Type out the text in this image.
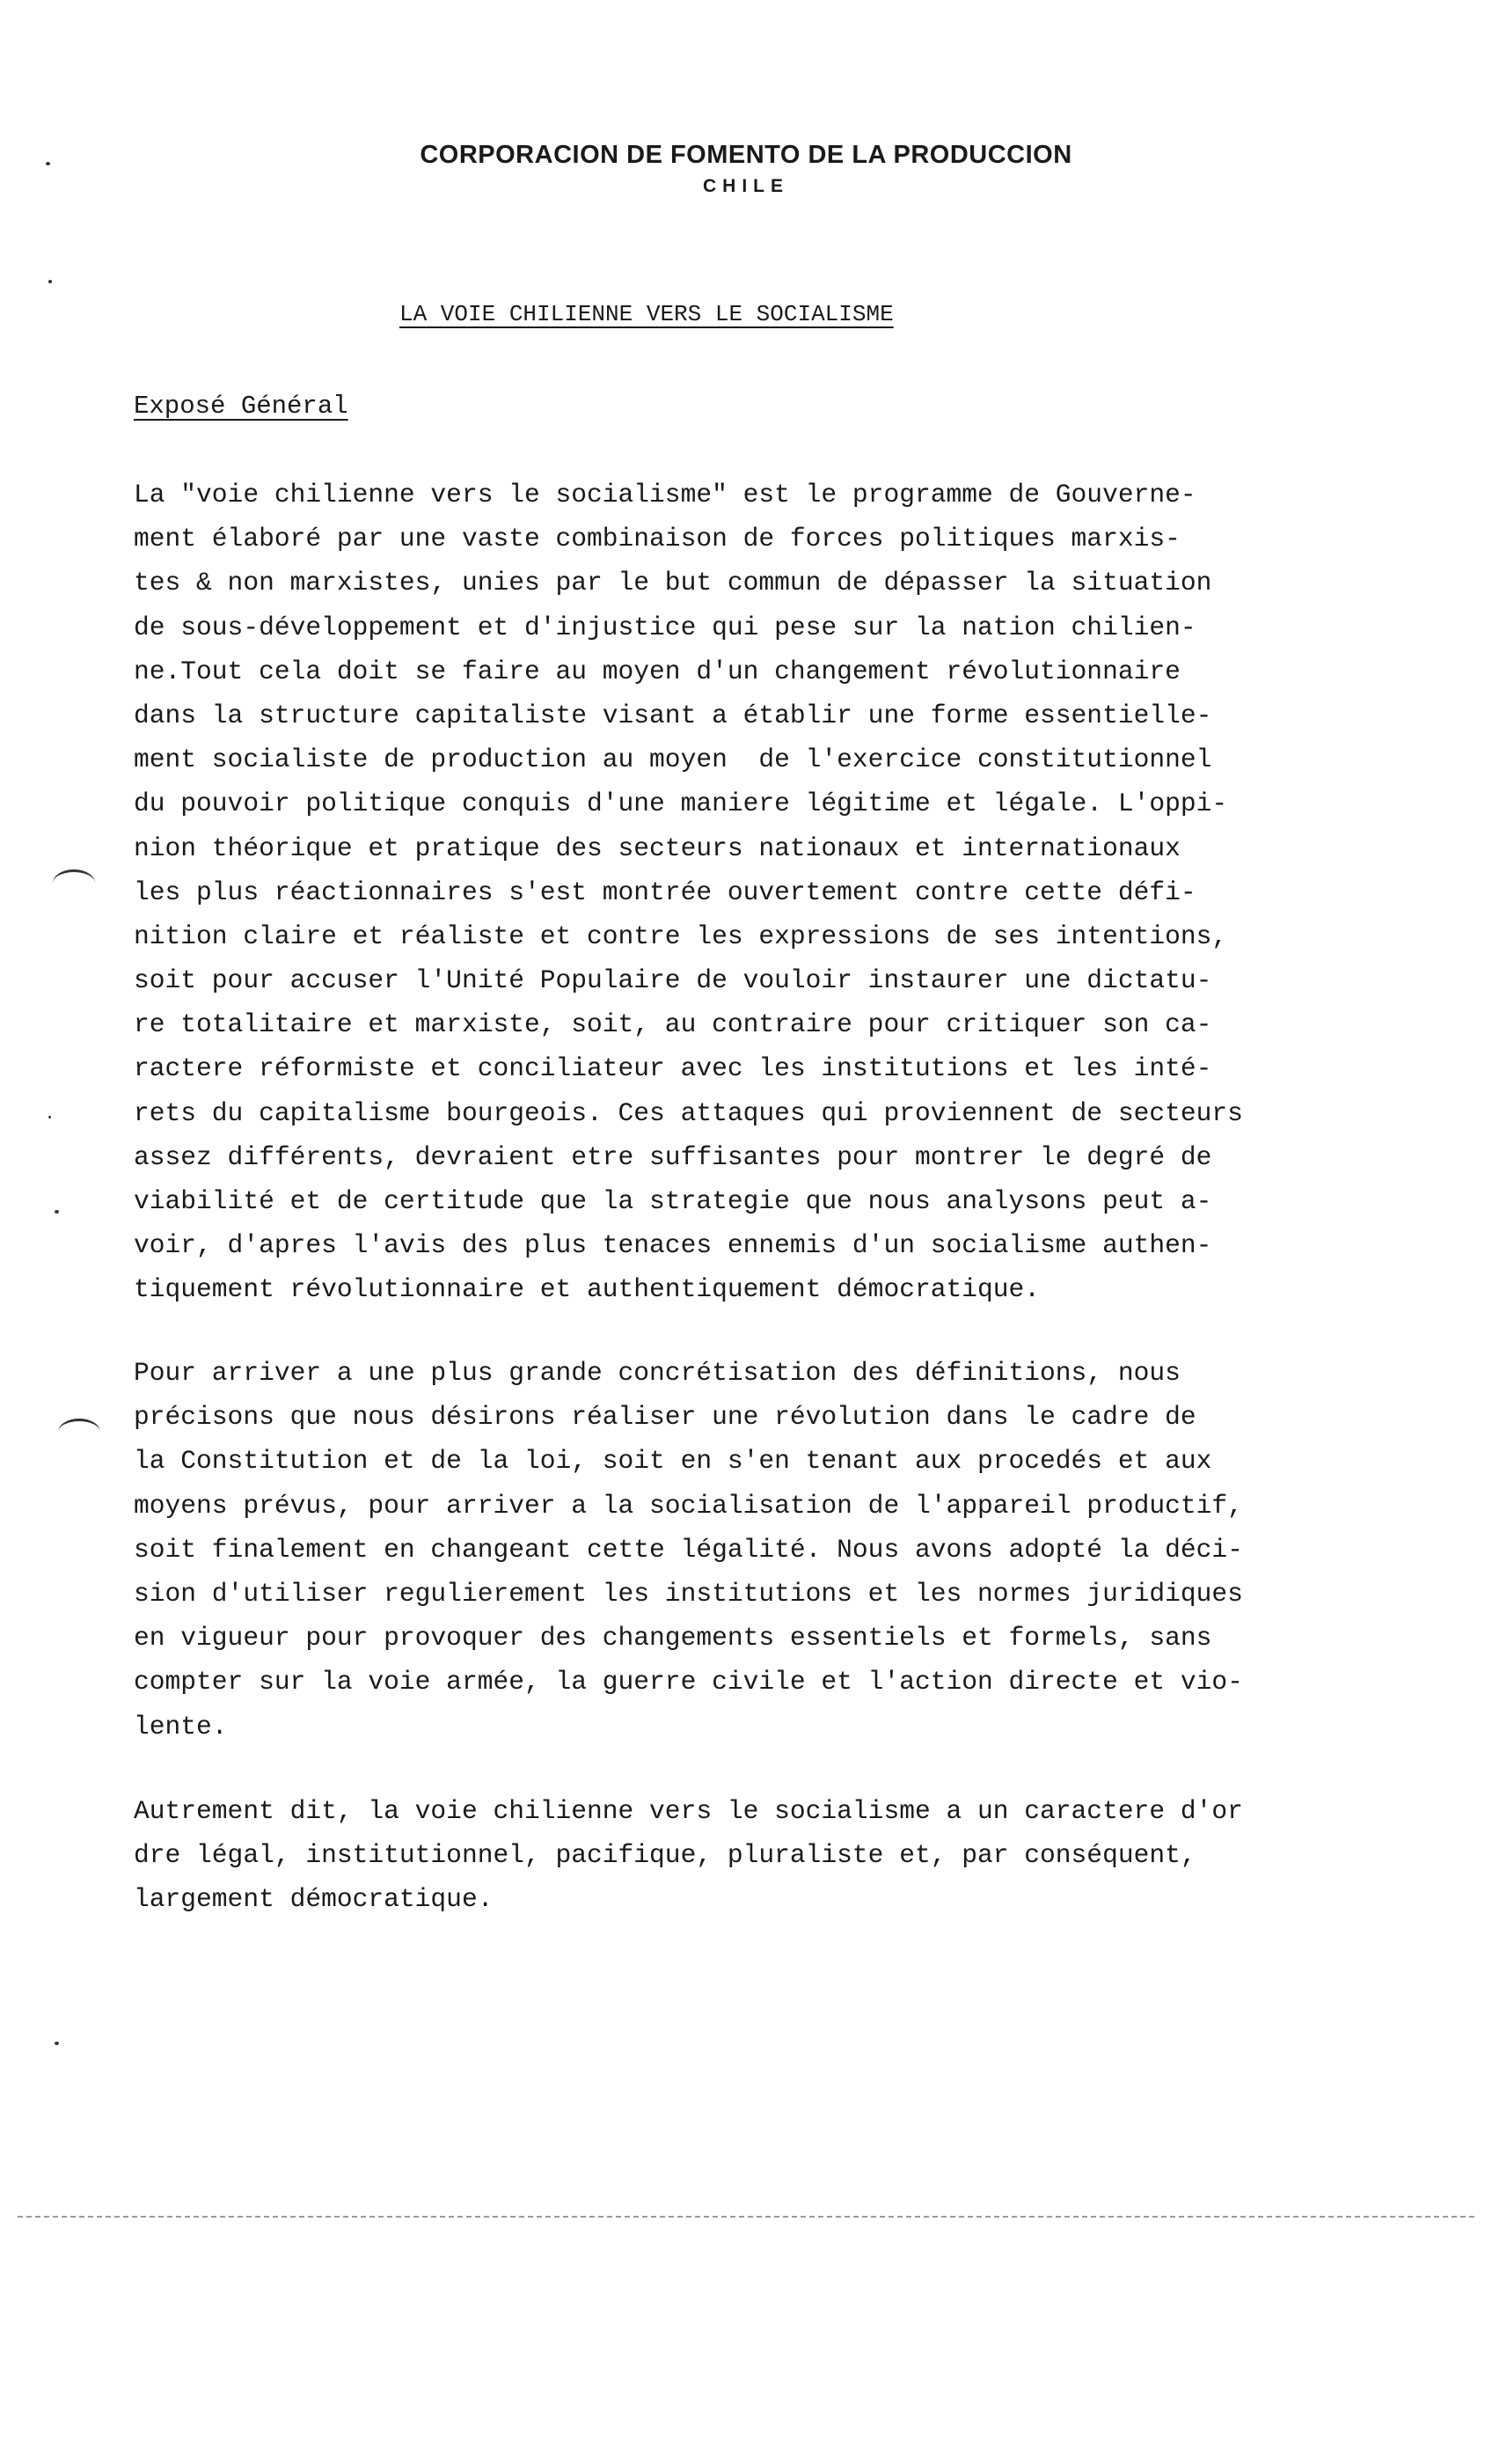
CORPORACION DE FOMENTO DE LA PRODUCCION
CHILE
LA VOIE CHILIENNE VERS LE SOCIALISME
Exposé Général
La "voie chilienne vers le socialisme" est le programme de Gouverne-
ment élaboré par une vaste combinaison de forces politiques marxis-
tes & non marxistes, unies par le but commun de dépasser la situation
de sous-développement et d'injustice qui pese sur la nation chilien-
ne.Tout cela doit se faire au moyen d'un changement révolutionnaire
dans la structure capitaliste visant a établir une forme essentielle-
ment socialiste de production au moyen  de l'exercice constitutionnel
du pouvoir politique conquis d'une maniere légitime et légale. L'oppi-
nion théorique et pratique des secteurs nationaux et internationaux
les plus réactionnaires s'est montrée ouvertement contre cette défi-
nition claire et réaliste et contre les expressions de ses intentions,
soit pour accuser l'Unité Populaire de vouloir instaurer une dictatu-
re totalitaire et marxiste, soit, au contraire pour critiquer son ca-
ractere réformiste et conciliateur avec les institutions et les inté-
rets du capitalisme bourgeois. Ces attaques qui proviennent de secteurs
assez différents, devraient etre suffisantes pour montrer le degré de
viabilité et de certitude que la strategie que nous analysons peut a-
voir, d'apres l'avis des plus tenaces ennemis d'un socialisme authen-
tiquement révolutionnaire et authentiquement démocratique.
Pour arriver a une plus grande concrétisation des définitions, nous
précisons que nous désirons réaliser une révolution dans le cadre de
la Constitution et de la loi, soit en s'en tenant aux procedés et aux
moyens prévus, pour arriver a la socialisation de l'appareil productif,
soit finalement en changeant cette légalité. Nous avons adopté la déci-
sion d'utiliser regulierement les institutions et les normes juridiques
en vigueur pour provoquer des changements essentiels et formels, sans
compter sur la voie armée, la guerre civile et l'action directe et vio-
lente.
Autrement dit, la voie chilienne vers le socialisme a un caractere d'or
dre légal, institutionnel, pacifique, pluraliste et, par conséquent,
largement démocratique.
